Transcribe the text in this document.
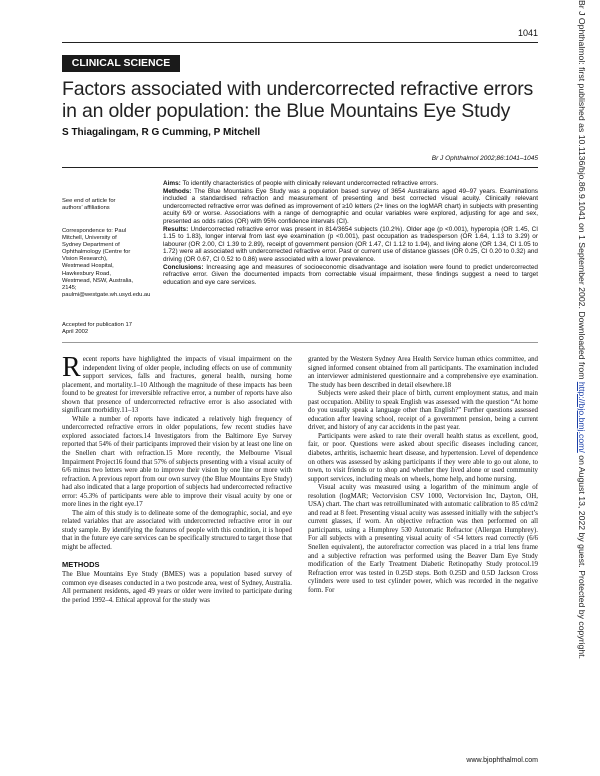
1041
CLINICAL SCIENCE
Factors associated with undercorrected refractive errors in an older population: the Blue Mountains Eye Study
S Thiagalingam, R G Cumming, P Mitchell
Br J Ophthalmol 2002;86:1041–1045
See end of article for authors’ affiliations
Correspondence to: Paul Mitchell, University of Sydney Department of Ophthalmology (Centre for Vision Research), Westmead Hospital, Hawkesbury Road, Westmead, NSW, Australia, 2145; paulmi@westgate.wh.usyd.edu.au
Accepted for publication 17 April 2002

Aims: To identify characteristics of people with clinically relevant undercorrected refractive errors.

Methods: The Blue Mountains Eye Study was a population based survey of 3654 Australians aged 49–97 years. Examinations included a standardised refraction and measurement of presenting and best corrected visual acuity. Clinically relevant undercorrected refractive error was defined as improvement of ≥10 letters (2+ lines on the logMAR chart) in subjects with presenting acuity 6/9 or worse. Associations with a range of demographic and ocular variables were explored, adjusting for age and sex, presented as odds ratios (OR) with 95% confidence intervals (CI).

Results: Undercorrected refractive error was present in 814/3654 subjects (10.2%). Older age (p <0.001), hyperopia (OR 1.45, CI 1.15 to 1.83), longer interval from last eye examination (p <0.001), past occupation as tradesperson (OR 1.64, 1.13 to 3.29) or labourer (OR 2.00, CI 1.39 to 2.89), receipt of government pension (OR 1.47, CI 1.12 to 1.94), and living alone (OR 1.34, CI 1.05 to 1.72) were all associated with undercorrected refractive error. Past or current use of distance glasses (OR 0.25, CI 0.20 to 0.32) and driving (OR 0.67, CI 0.52 to 0.86) were associated with a lower prevalence.

Conclusions: Increasing age and measures of socioeconomic disadvantage and isolation were found to predict undercorrected refractive error. Given the documented impacts from correctable visual impairment, these findings suggest a need to target education and eye care services.

Recent reports have highlighted the impacts of visual impairment on the independent living of older people, including effects on use of community support services, falls and fractures, general health, nursing home placement, and mortality.1–10 Although the magnitude of these impacts has been found to be greatest for irreversible refractive error, a number of reports have also shown that presence of undercorrected refractive error is also associated with significant morbidity.11–13

While a number of reports have indicated a relatively high frequency of undercorrected refractive errors in older populations, few recent studies have explored associated factors.14 Investigators from the Baltimore Eye Survey reported that 54% of their participants improved their vision by at least one line on the Snellen chart with refraction.15 More recently, the Melbourne Visual Impairment Project16 found that 57% of subjects presenting with a visual acuity of 6/6 minus two letters were able to improve their vision by one line or more with refraction. A previous report from our own survey (the Blue Mountains Eye Study) had also indicated that a large proportion of subjects had undercorrected refractive error: 45.3% of participants were able to improve their visual acuity by one or more lines in the right eye.17

The aim of this study is to delineate some of the demographic, social, and eye related variables that are associated with undercorrected refractive error in our study sample. By identifying the features of people with this condition, it is hoped that in the future eye care services can be specifically structured to target those that might be affected.

METHODS

The Blue Mountains Eye Study (BMES) was a population based survey of common eye diseases conducted in a two postcode area, west of Sydney, Australia. All permanent residents, aged 49 years or older were invited to participate during the period 1992–4. Ethical approval for the study was

granted by the Western Sydney Area Health Service human ethics committee, and signed informed consent obtained from all participants. The examination included an interviewer administered questionnaire and a comprehensive eye examination. The study has been described in detail elsewhere.18

Subjects were asked their place of birth, current employment status, and main past occupation. Ability to speak English was assessed with the question “At home do you usually speak a language other than English?” Further questions assessed education after leaving school, receipt of a government pension, being a current driver, and history of any car accidents in the past year.

Participants were asked to rate their overall health status as excellent, good, fair, or poor. Questions were asked about specific diseases including cancer, diabetes, arthritis, ischaemic heart disease, and hypertension. Level of dependence on others was assessed by asking participants if they were able to go out alone, to town, to visit friends or to shop and whether they lived alone or used community support services, including meals on wheels, home help, and home nursing.

Visual acuity was measured using a logarithm of the minimum angle of resolution (logMAR; Vectorvision CSV 1000, Vectorvision Inc, Dayton, OH, USA) chart. The chart was retroilluminated with automatic calibration to 85 cd/m2 and read at 8 feet. Presenting visual acuity was assessed initially with the subject’s current glasses, if worn. An objective refraction was then performed on all participants, using a Humphrey 530 Automatic Refractor (Allergan Humphrey). For all subjects with a presenting visual acuity of <54 letters read correctly (6/6 Snellen equivalent), the autorefractor correction was placed in a trial lens frame and a subjective refraction was performed using the Beaver Dam Eye Study modification of the Early Treatment Diabetic Retinopathy Study protocol.19 Refraction error was tested in 0.25D steps. Both 0.25D and 0.5D Jackson Cross cylinders were used to test cylinder power, which was recorded in the negative form. For

www.bjophthalmol.com
Br J Ophthalmol: first published as 10.1136/bjo.86.9.1041 on 1 September 2002. Downloaded from http://bjo.bmj.com/ on August 13, 2022 by guest. Protected by copyright.
